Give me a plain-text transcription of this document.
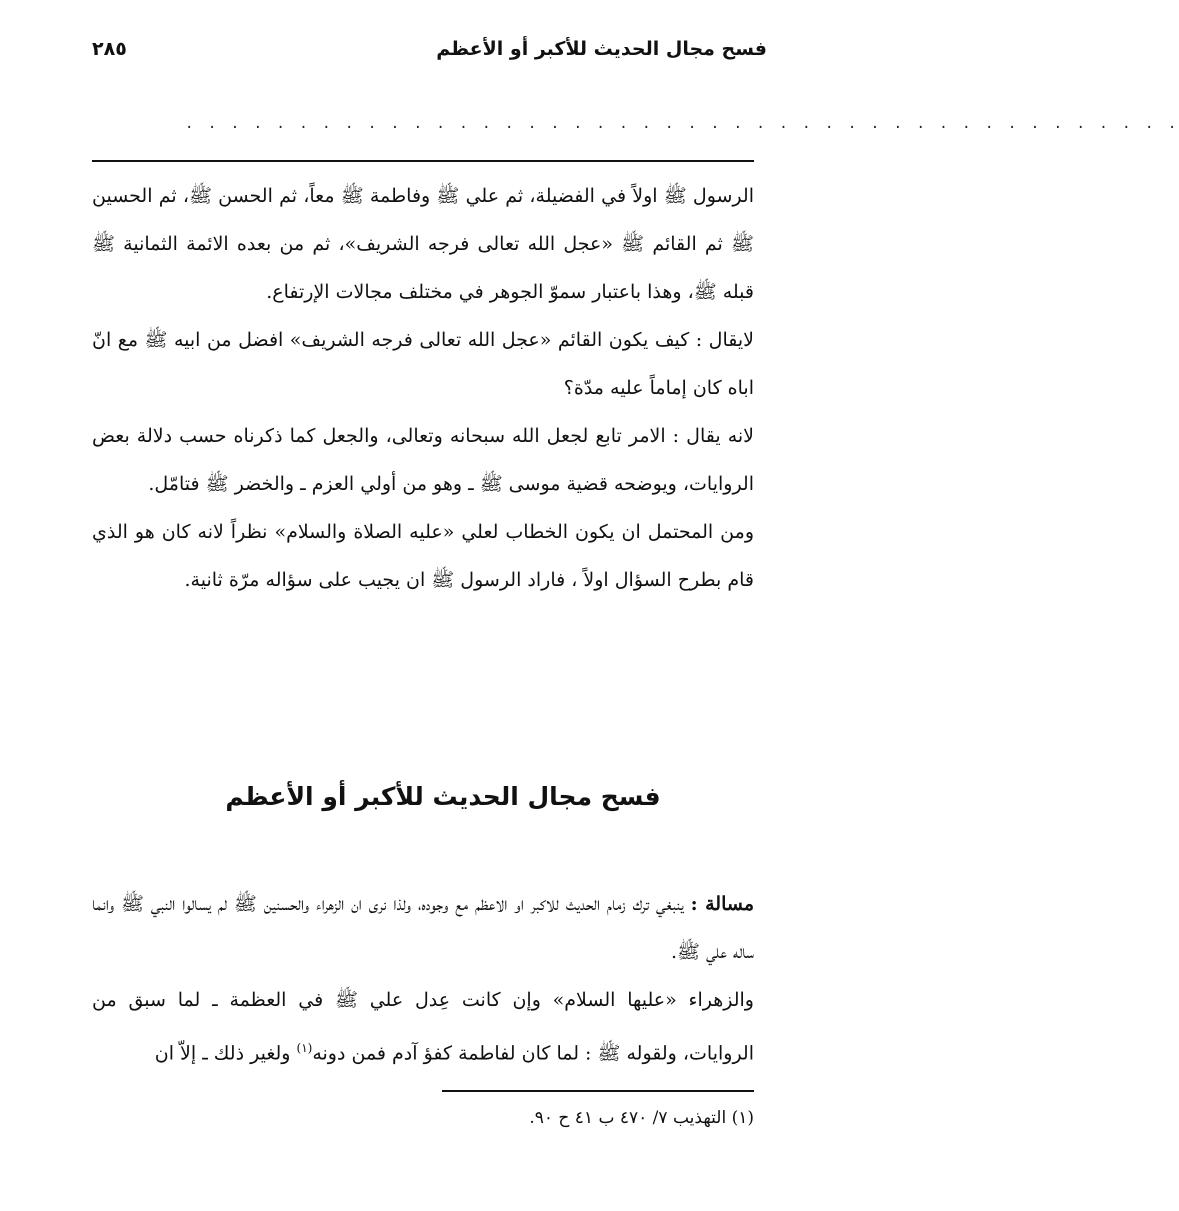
فسح مجال الحديث للأكبر أو الأعظم
٢٨٥
. . . . . . . . . . . . . . . . . . . . . . . . . . . . . . . . . . . . . . . . . . . .

الرسول ﷺ اولاً في الفضيلة، ثم علي ﷺ وفاطمة ﷺ معاً، ثم الحسن ﷺ، ثم الحسين ﷺ ثم القائم ﷺ «عجل الله تعالى فرجه الشريف»، ثم من بعده الائمة الثمانية ﷺ قبله ﷺ، وهذا باعتبار سموّ الجوهر في مختلف مجالات الإرتفاع.

لايقال : كيف يكون القائم «عجل الله تعالى فرجه الشريف» افضل من ابيه ﷺ مع انّ اباه كان إماماً عليه مدّة؟

لانه يقال : الامر تابع لجعل الله سبحانه وتعالى، والجعل كما ذكرناه حسب دلالة بعض الروايات، ويوضحه قضية موسى ﷺ ـ وهو من أولي العزم ـ والخضر ﷺ فتامّل.

ومن المحتمل ان يكون الخطاب لعلي «عليه الصلاة والسلام» نظراً لانه كان هو الذي قام بطرح السؤال اولاً ، فاراد الرسول ﷺ ان يجيب على سؤاله مرّة ثانية.

فسح مجال الحديث للأكبر أو الأعظم

مسالة : ينبغي ترك زمام الحديث للاكبر او الاعظم مع وجوده، ولذا نرى ان الزهراء والحسنين ﷺ لم يسالوا النبي ﷺ وانما ساله علي ﷺ.

والزهراء «عليها السلام» وإن كانت عِدل علي ﷺ في العظمة ـ لما سبق من الروايات، ولقوله ﷺ : لما كان لفاطمة كفؤ آدم فمن دونه$^{(١)}$ ولغير ذلك ـ إلاّ ان

(١) التهذيب ٧/ ٤٧٠ ب ٤١ ح ٩٠.
